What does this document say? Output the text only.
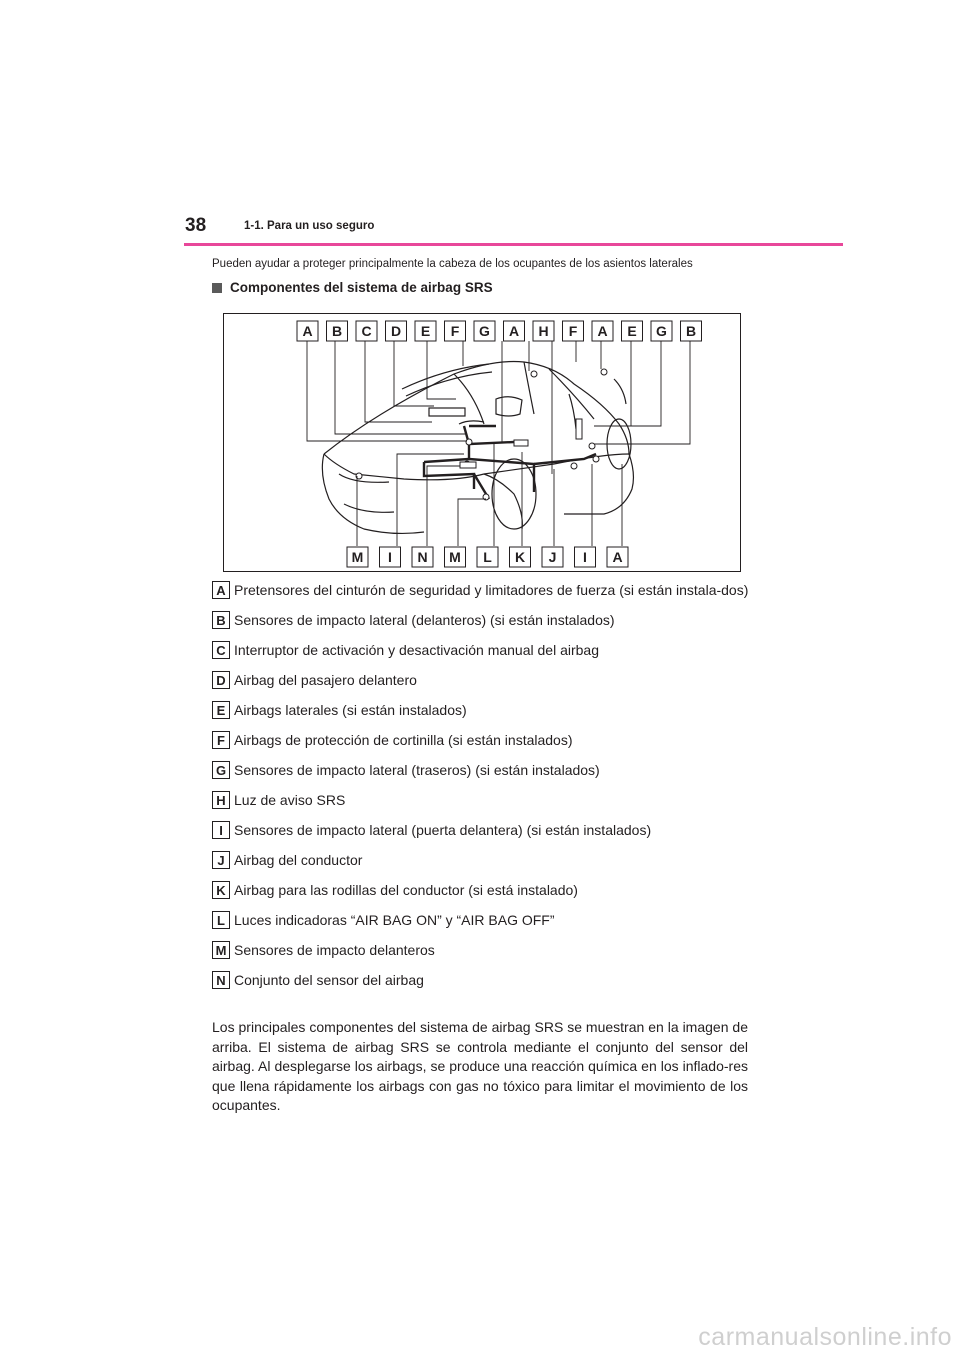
38	1-1. Para un uso seguro
Pueden ayudar a proteger principalmente la cabeza de los ocupantes de los asientos laterales
Componentes del sistema de airbag SRS
A B C D E F G A H F A E G B
M I N M L K J I A
A Pretensores del cinturón de seguridad y limitadores de fuerza (si están instala-dos)
B Sensores de impacto lateral (delanteros) (si están instalados)
C Interruptor de activación y desactivación manual del airbag
D Airbag del pasajero delantero
E Airbags laterales (si están instalados)
F Airbags de protección de cortinilla (si están instalados)
G Sensores de impacto lateral (traseros) (si están instalados)
H Luz de aviso SRS
I Sensores de impacto lateral (puerta delantera) (si están instalados)
J Airbag del conductor
K Airbag para las rodillas del conductor (si está instalado)
L Luces indicadoras “AIR BAG ON” y “AIR BAG OFF”
M Sensores de impacto delanteros
N Conjunto del sensor del airbag
Los principales componentes del sistema de airbag SRS se muestran en la imagen de arriba. El sistema de airbag SRS se controla mediante el conjunto del sensor del airbag. Al desplegarse los airbags, se produce una reacción química en los inflado-res que llena rápidamente los airbags con gas no tóxico para limitar el movimiento de los ocupantes.
carmanualsonline.info
